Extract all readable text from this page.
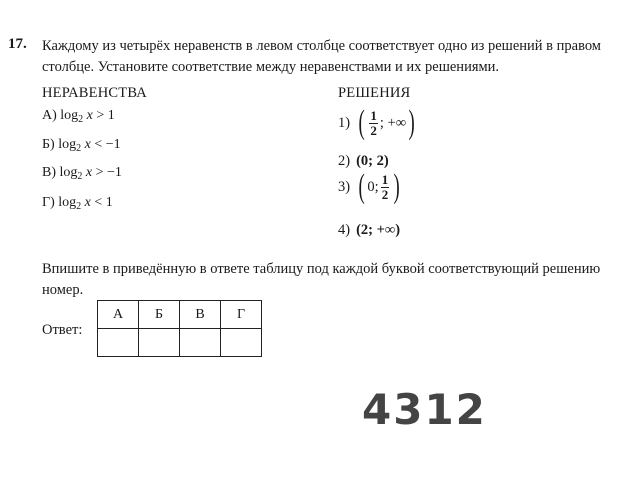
17. Каждому из четырёх неравенств в левом столбце соответствует одно из решений в правом столбце. Установите соответствие между неравенствами и их решениями.
НЕРАВЕНСТВА
А) $\log_2 x > 1$
Б) $\log_2 x < -1$
В) $\log_2 x > -1$
Г) $\log_2 x < 1$
РЕШЕНИЯ
1) ( $\frac{1}{2}$ ; +∞ )
2) (0; 2)
3) ( 0; $\frac{1}{2}$ )
4) (2; +∞)
Впишите в приведённую в ответе таблицу под каждой буквой соответствующий решению номер.
Ответ:
А	Б	В	Г

4312
